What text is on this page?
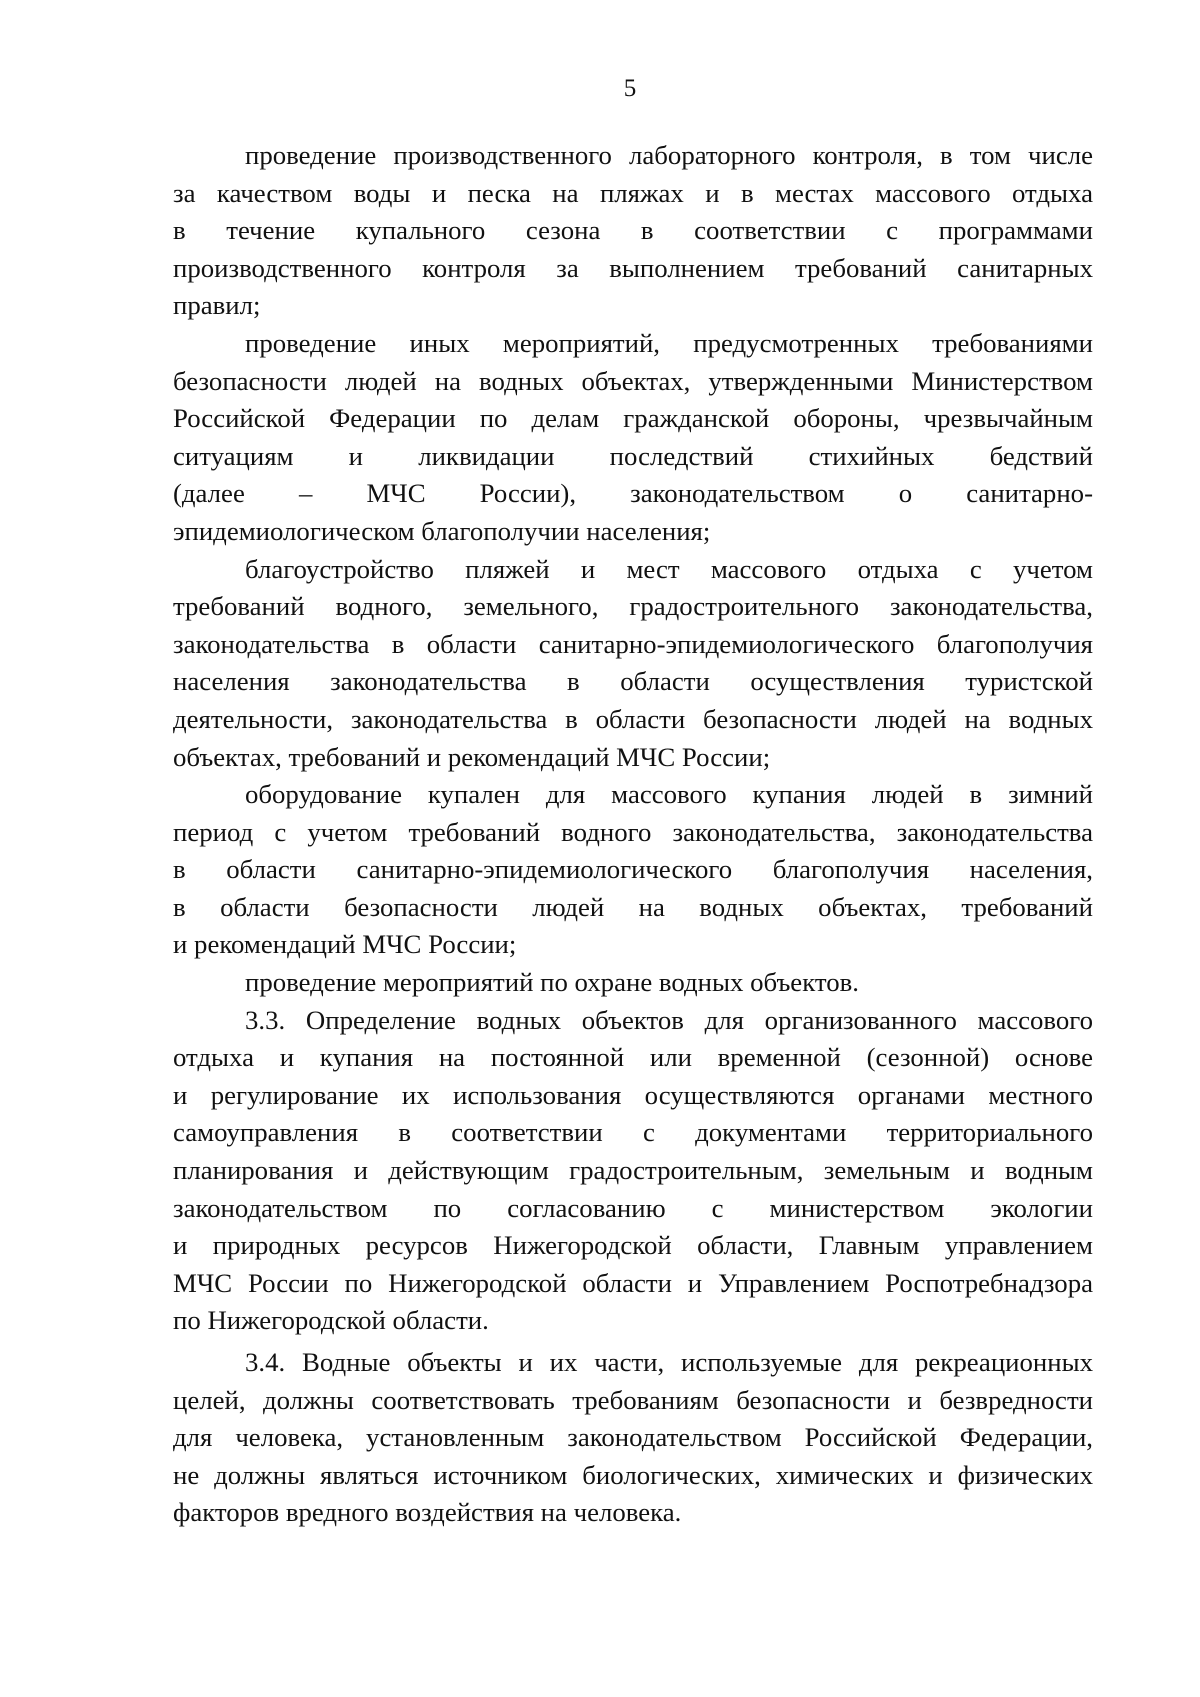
5
проведение производственного лабораторного контроля, в том числе
за качеством воды и песка на пляжах и в местах массового отдыха
в течение купального сезона в соответствии с программами
производственного контроля за выполнением требований санитарных
правил;
проведение иных мероприятий, предусмотренных требованиями
безопасности людей на водных объектах, утвержденными Министерством
Российской Федерации по делам гражданской обороны, чрезвычайным
ситуациям и ликвидации последствий стихийных бедствий
(далее – МЧС России), законодательством о санитарно-
эпидемиологическом благополучии населения;
благоустройство пляжей и мест массового отдыха с учетом
требований водного, земельного, градостроительного законодательства,
законодательства в области санитарно-эпидемиологического благополучия
населения законодательства в области осуществления туристской
деятельности, законодательства в области безопасности людей на водных
объектах, требований и рекомендаций МЧС России;
оборудование купален для массового купания людей в зимний
период с учетом требований водного законодательства, законодательства
в области санитарно-эпидемиологического благополучия населения,
в области безопасности людей на водных объектах, требований
и рекомендаций МЧС России;
проведение мероприятий по охране водных объектов.
3.3. Определение водных объектов для организованного массового
отдыха и купания на постоянной или временной (сезонной) основе
и регулирование их использования осуществляются органами местного
самоуправления в соответствии с документами территориального
планирования и действующим градостроительным, земельным и водным
законодательством по согласованию с министерством экологии
и природных ресурсов Нижегородской области, Главным управлением
МЧС России по Нижегородской области и Управлением Роспотребнадзора
по Нижегородской области.
3.4. Водные объекты и их части, используемые для рекреационных
целей, должны соответствовать требованиям безопасности и безвредности
для человека, установленным законодательством Российской Федерации,
не должны являться источником биологических, химических и физических
факторов вредного воздействия на человека.
